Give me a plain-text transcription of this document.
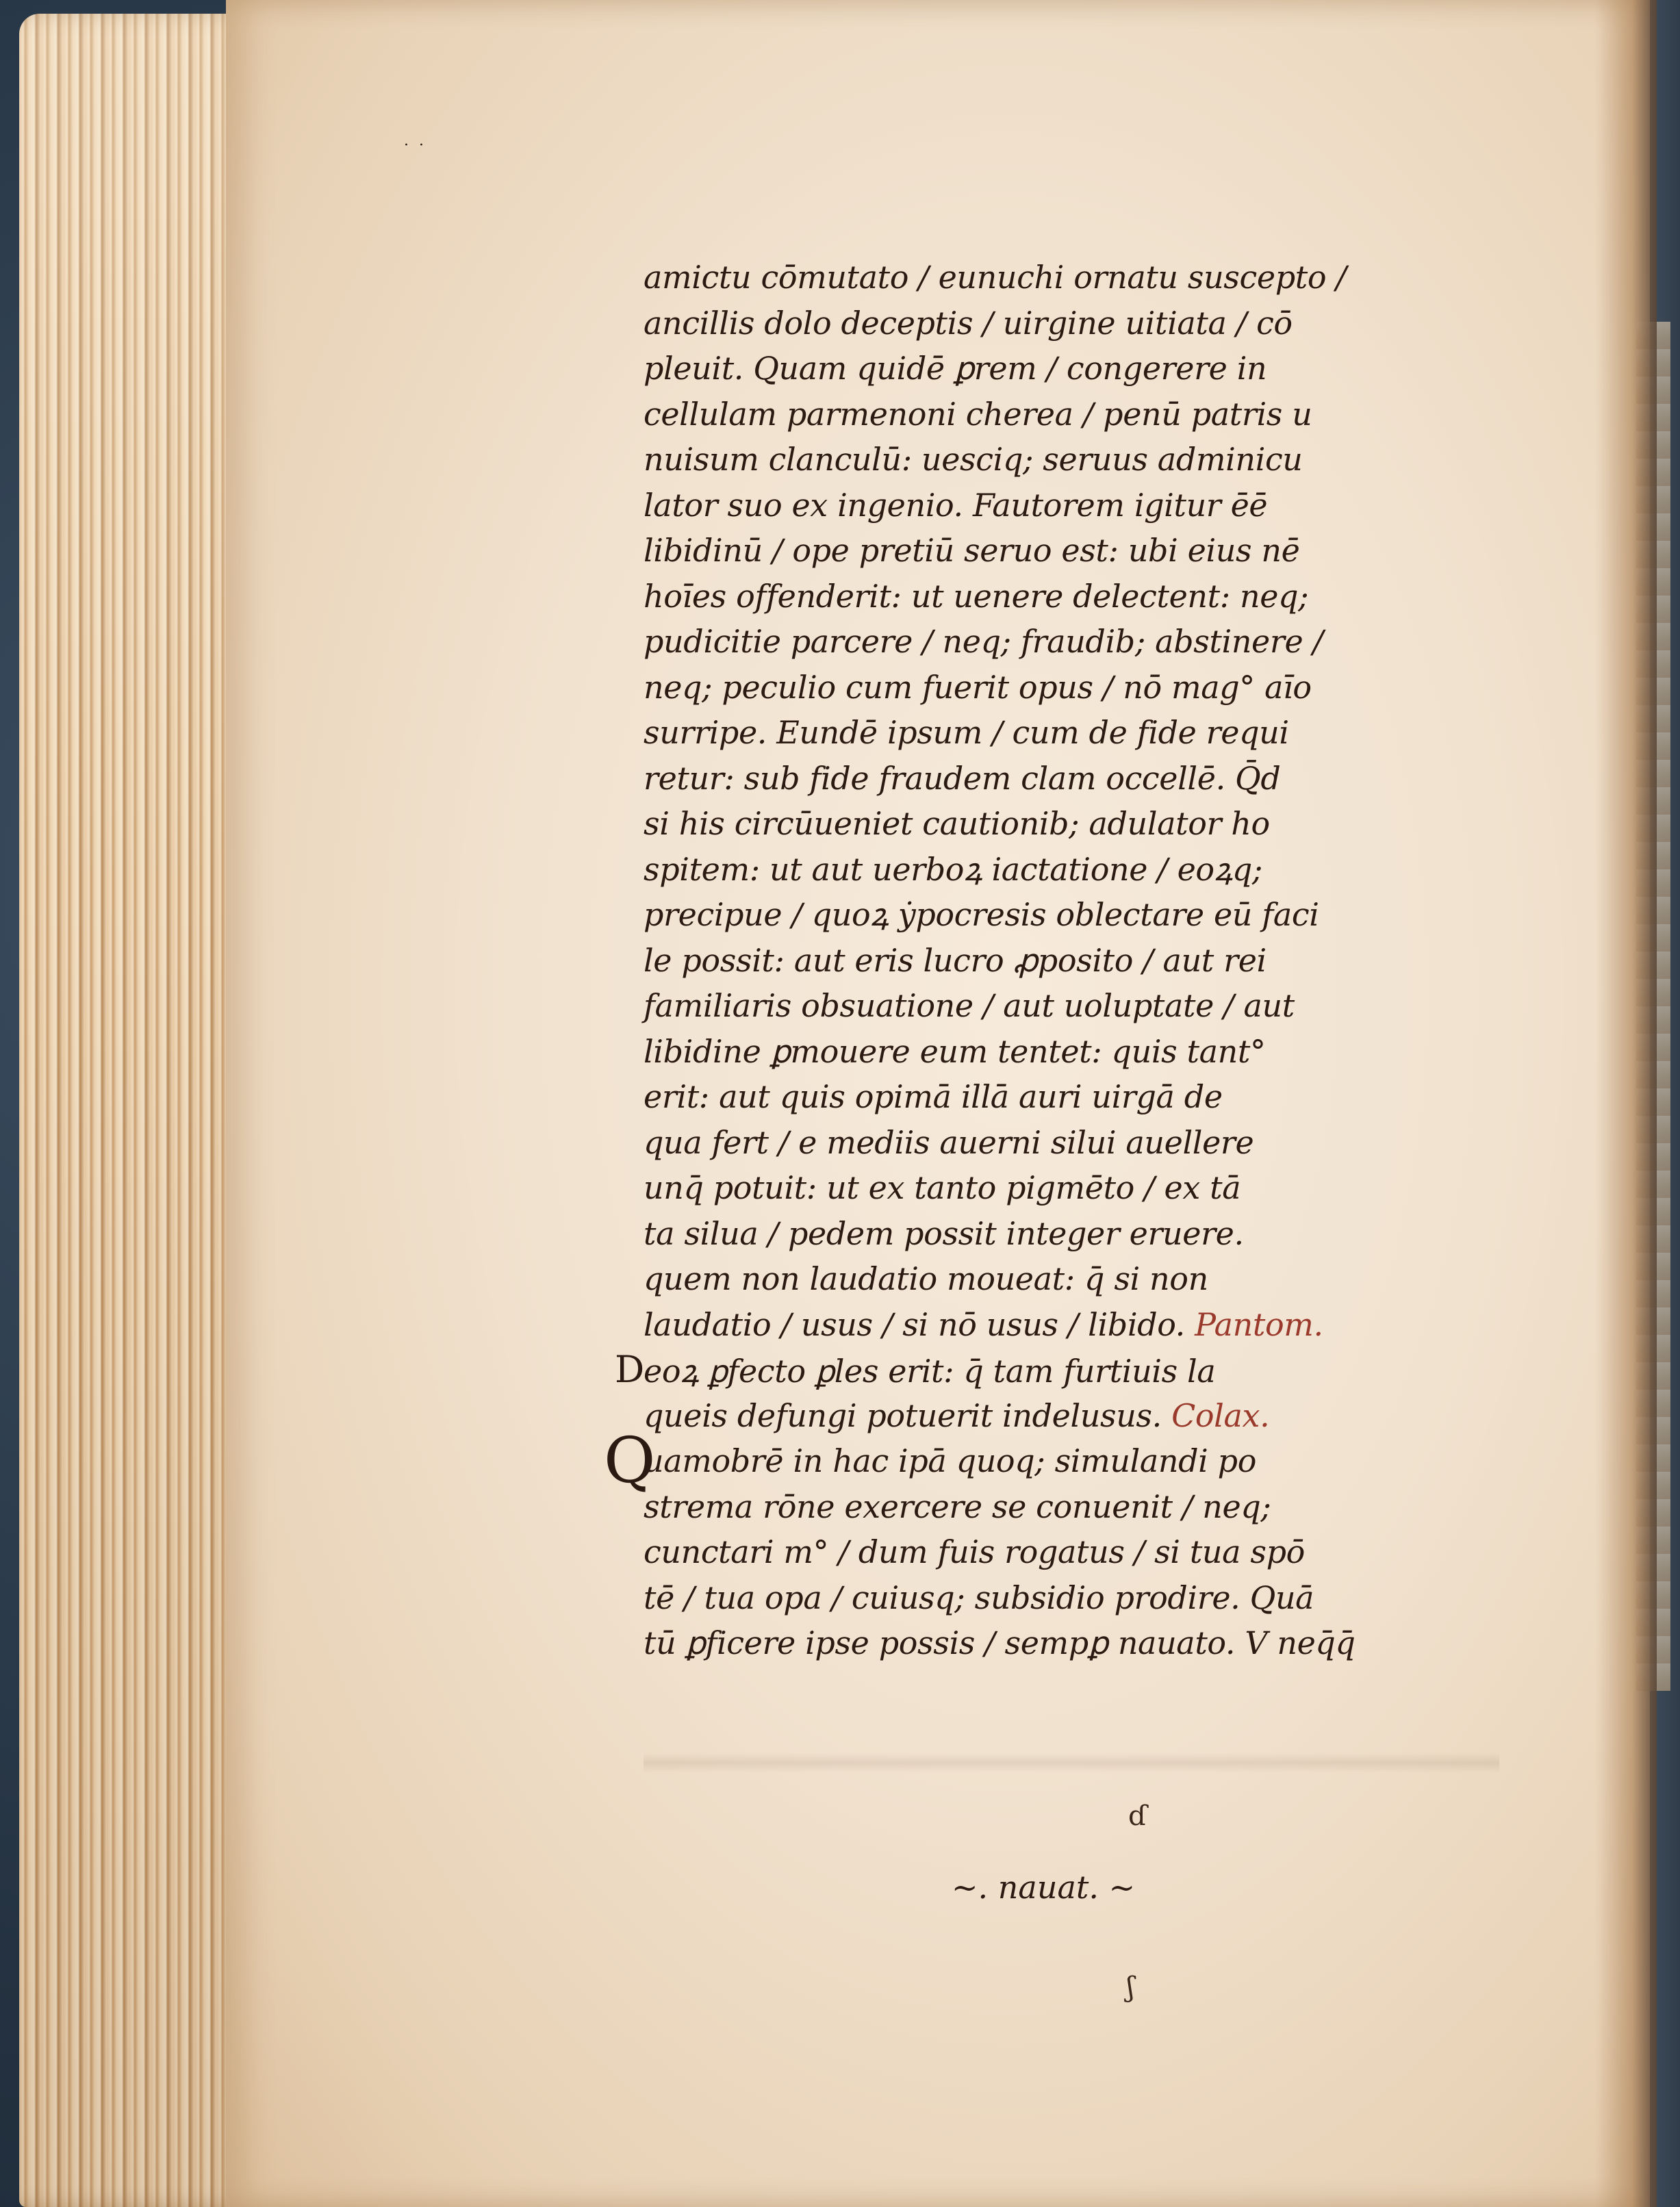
· ·
amictu cōmutato / eunuchi ornatu suscepto /
ancillis dolo deceptis / uirgine uitiata / cō
pleuit. Quam quidē ꝑrem / congerere in
cellulam parmenoni cherea / penū patris u
nuisum clanculū: uesciq; seruus adminicu
lator suo ex ingenio. Fautorem igitur ēē
libidinū / ope pretiū seruo est: ubi eius nē
hoīes offenderit: ut uenere delectent: neq;
pudicitie parcere / neq; fraudib; abstinere /
neq; peculio cum fuerit opus / nō mag° aīo
surripe. Eundē ipsum / cum de fide requi
retur: sub fide fraudem clam occellē. Q̄d
si his circūueniet cautionib; adulator ho
spitem: ut aut uerboꝝ iactatione / eoꝝq;
precipue / quoꝝ ẏpocresis oblectare eū faci
le possit: aut eris lucro ꝓposito / aut rei
familiaris obsuatione / aut uoluptate / aut
libidine ꝑmouere eum tentet: quis tant°
erit: aut quis opimā illā auri uirgā de
qua fert / e mediis auerni silui auellere
unq̄ potuit: ut ex tanto pigmēto / ex tā
ta silua / pedem possit integer eruere.
quem non laudatio moueat: q̄ si non
laudatio / usus / si nō usus / libido. Pantom.
Deoꝝ ꝑfecto ꝑles erit: q̄ tam furtiuis la
queis defungi potuerit indelusus. Colax.
Quamobrē in hac ipā quoq; simulandi po
strema rōne exercere se conuenit / neq;
cunctari m° / dum fuis rogatus / si tua spō
tē / tua opa / cuiusq; subsidio prodire. Quā
tū ꝑficere ipse possis / sempꝑ nauato. V neq̄q̄
ɗ
~. nauat. ~
ʃ
